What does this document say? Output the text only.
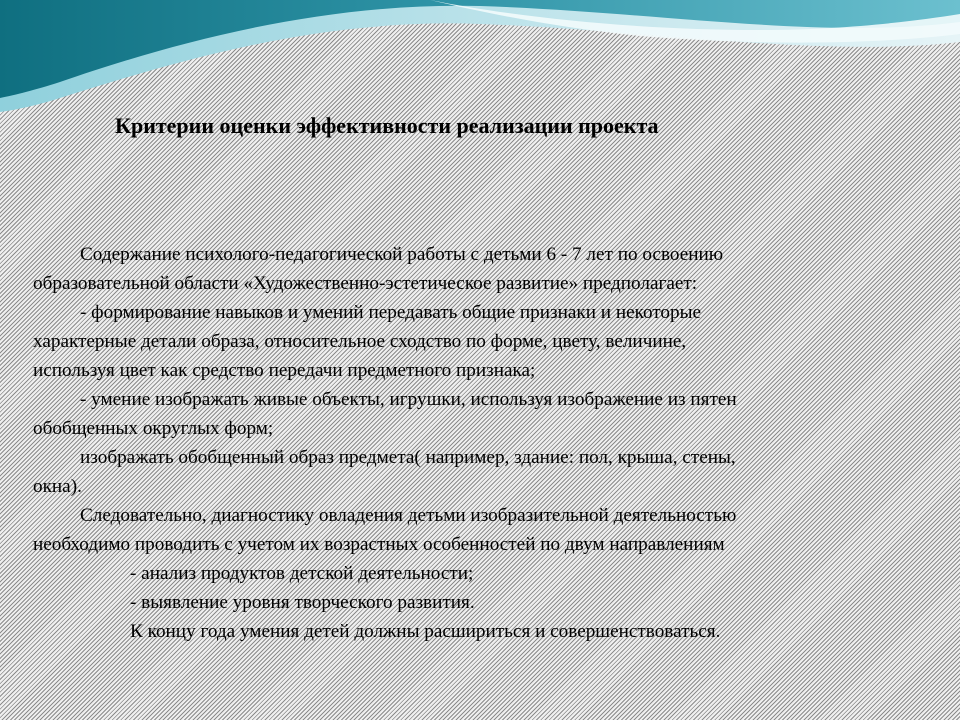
Критерии оценки эффективности реализации проекта
Содержание психолого-педагогической работы с детьми 6 - 7 лет по освоению
образовательной области «Художественно-эстетическое развитие» предполагает:
- формирование навыков и умений передавать общие признаки и некоторые
характерные детали образа, относительное сходство по форме, цвету, величине,
используя цвет как средство передачи предметного признака;
- умение изображать живые объекты, игрушки, используя изображение из пятен
обобщенных округлых форм;
изображать обобщенный образ предмета( например, здание: пол, крыша, стены,
окна).
Следовательно, диагностику овладения детьми изобразительной деятельностью
необходимо проводить с учетом их возрастных особенностей по двум направлениям
- анализ продуктов детской деятельности;
- выявление уровня творческого развития.
К концу года умения детей должны расшириться и совершенствоваться.
